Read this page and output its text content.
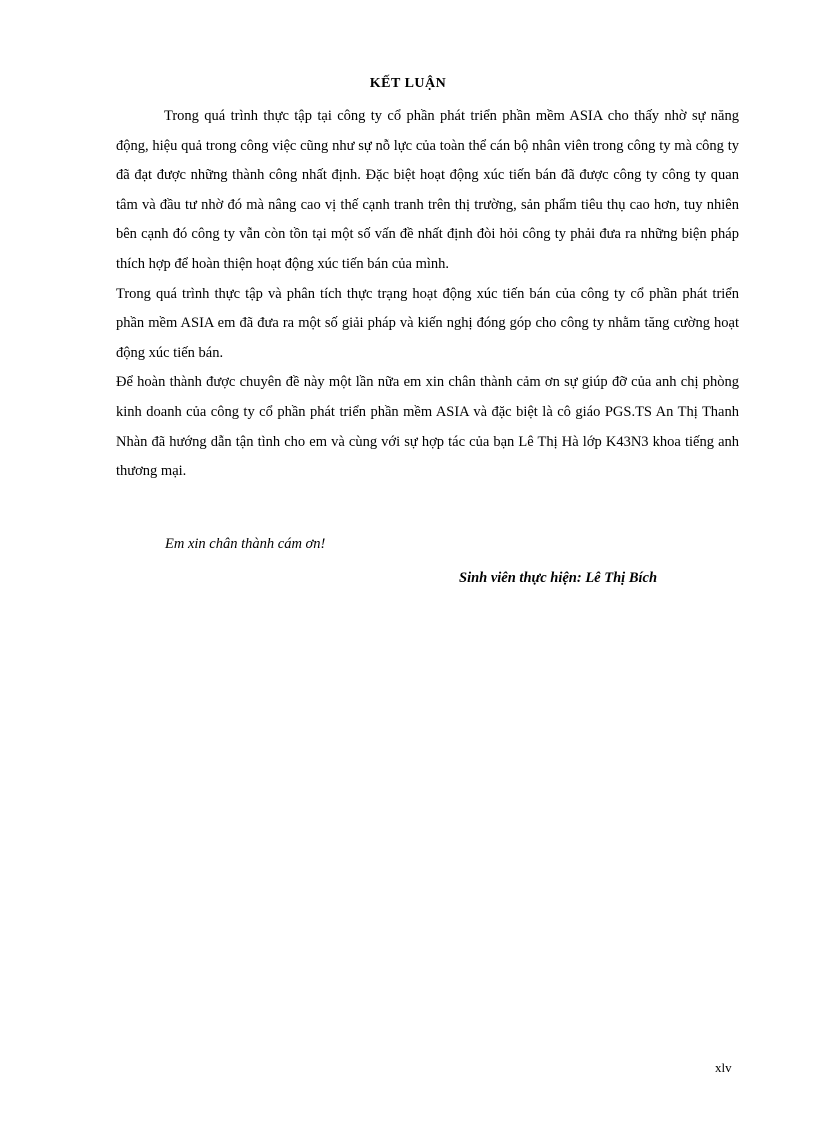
KẾT LUẬN

Trong quá trình thực tập tại công ty cổ phần phát triển phần mềm ASIA cho thấy nhờ sự năng động, hiệu quả trong công việc cũng như sự nỗ lực của toàn thể cán bộ nhân viên trong công ty mà công ty đã đạt được những thành công nhất định. Đặc biệt hoạt động xúc tiến bán đã được công ty công ty quan tâm và đầu tư nhờ đó mà nâng cao vị thế cạnh tranh trên thị trường, sản phẩm tiêu thụ cao hơn, tuy nhiên bên cạnh đó công ty vẫn còn tồn tại một số vấn đề nhất định đòi hỏi công ty phải đưa ra những biện pháp thích hợp để hoàn thiện hoạt động xúc tiến bán của mình.

Trong quá trình thực tập và phân tích thực trạng hoạt động xúc tiến bán của công ty cổ phần phát triển phần mềm ASIA em đã đưa ra một số giải pháp và kiến nghị đóng góp cho công ty nhằm tăng cường hoạt động xúc tiến bán.

Để hoàn thành được chuyên đề này một lần nữa em xin chân thành cảm ơn sự giúp đỡ của anh chị phòng kinh doanh của công ty cổ phần phát triển phần mềm ASIA và đặc biệt là cô giáo PGS.TS An Thị Thanh Nhàn đã hướng dẫn tận tình cho em và cùng với sự hợp tác của bạn Lê Thị Hà lớp K43N3 khoa tiếng anh thương mại.

Em xin chân thành cám ơn!
Sinh viên thực hiện: Lê Thị Bích
xlv
